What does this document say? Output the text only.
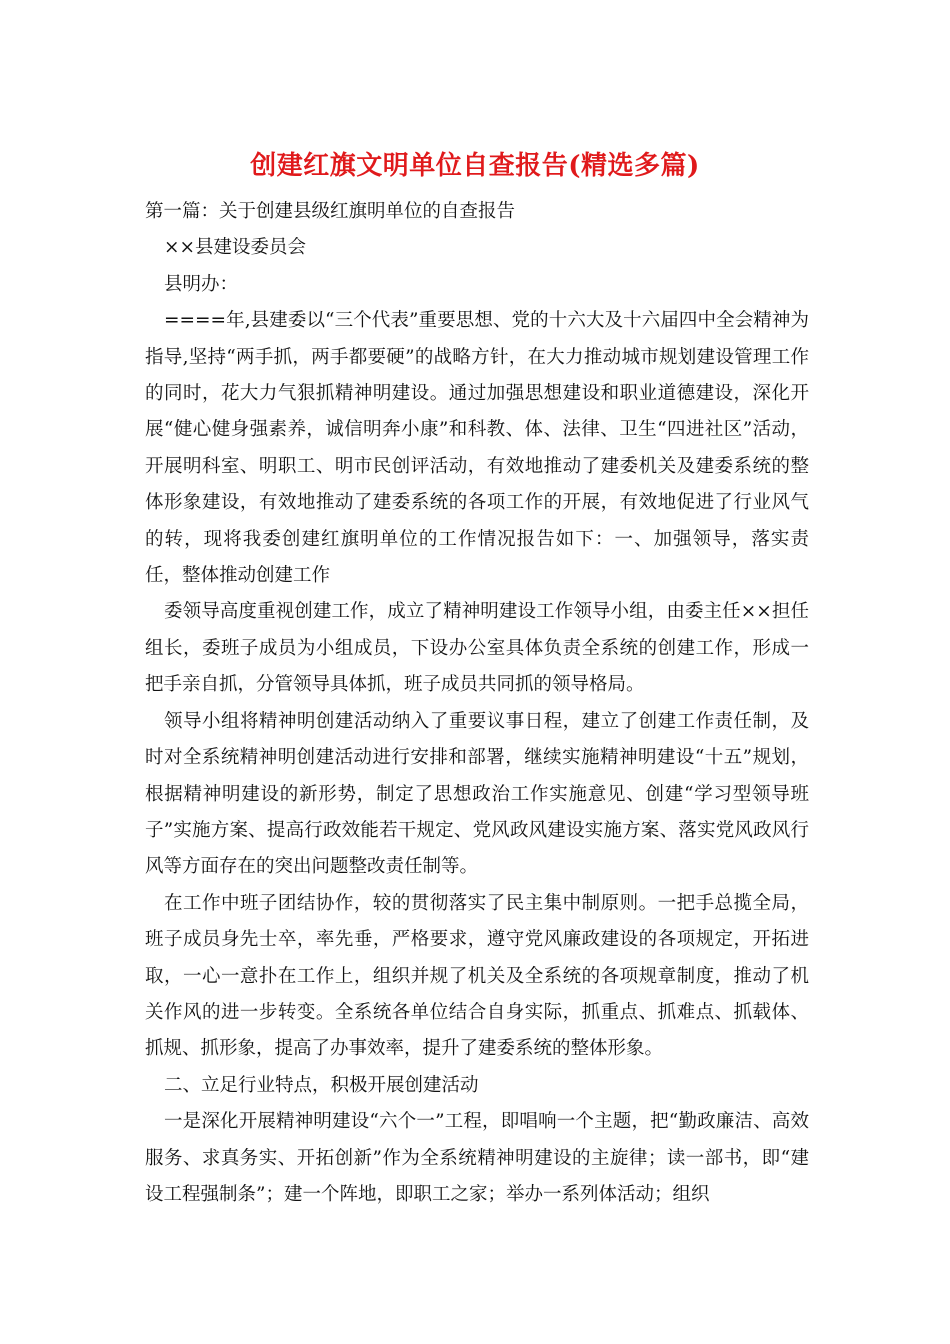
创建红旗文明单位自查报告(精选多篇)

第一篇：关于创建县级红旗明单位的自查报告

××县建设委员会

县明办：

====年,县建委以“三个代表”重要思想、党的十六大及十六届四中全会精神为指导,坚持“两手抓，两手都要硬”的战略方针，在大力推动城市规划建设管理工作的同时，花大力气狠抓精神明建设。通过加强思想建设和职业道德建设，深化开展“健心健身强素养，诚信明奔小康”和科教、体、法律、卫生“四进社区”活动，开展明科室、明职工、明市民创评活动，有效地推动了建委机关及建委系统的整体形象建设，有效地推动了建委系统的各项工作的开展，有效地促进了行业风气的转，现将我委创建红旗明单位的工作情况报告如下：一、加强领导，落实责任，整体推动创建工作

委领导高度重视创建工作，成立了精神明建设工作领导小组，由委主任××担任组长，委班子成员为小组成员，下设办公室具体负责全系统的创建工作，形成一把手亲自抓，分管领导具体抓，班子成员共同抓的领导格局。

领导小组将精神明创建活动纳入了重要议事日程，建立了创建工作责任制，及时对全系统精神明创建活动进行安排和部署，继续实施精神明建设“十五”规划，根据精神明建设的新形势，制定了思想政治工作实施意见、创建“学习型领导班子”实施方案、提高行政效能若干规定、党风政风建设实施方案、落实党风政风行风等方面存在的突出问题整改责任制等。

在工作中班子团结协作，较的贯彻落实了民主集中制原则。一把手总揽全局，班子成员身先士卒，率先垂，严格要求，遵守党风廉政建设的各项规定，开拓进取，一心一意扑在工作上，组织并规了机关及全系统的各项规章制度，推动了机关作风的进一步转变。全系统各单位结合自身实际，抓重点、抓难点、抓载体、抓规、抓形象，提高了办事效率，提升了建委系统的整体形象。

二、立足行业特点，积极开展创建活动

一是深化开展精神明建设“六个一”工程，即唱响一个主题，把“勤政廉洁、高效服务、求真务实、开拓创新”作为全系统精神明建设的主旋律；读一部书，即“建设工程强制条”；建一个阵地，即职工之家；举办一系列体活动；组织
